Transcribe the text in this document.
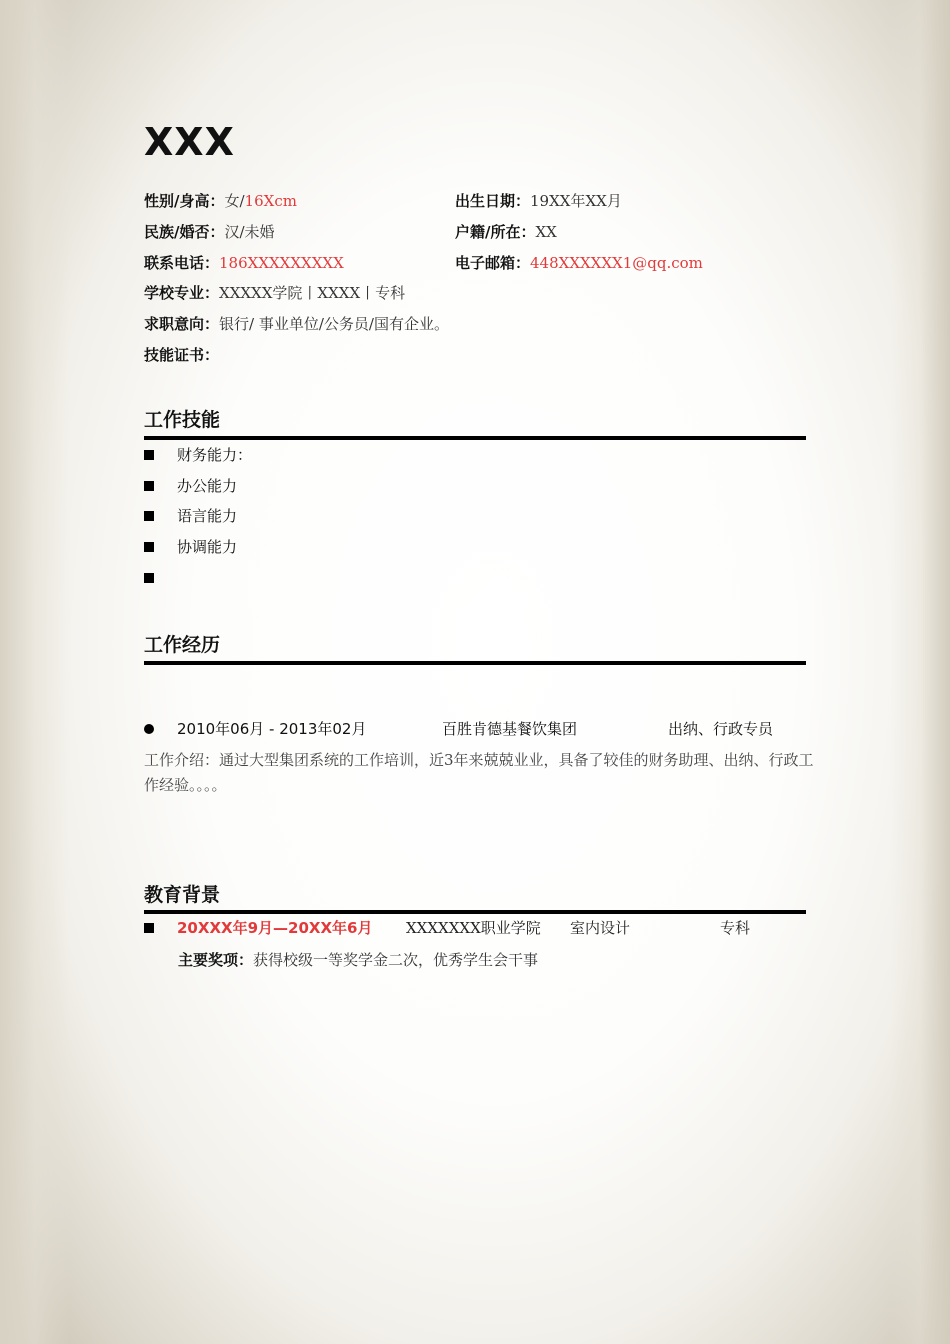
XXX
性别/身高：女/16Xcm	出生日期：19XX年XX月
民族/婚否：汉/未婚	户籍/所在：XX
联系电话：186XXXXXXXXX	电子邮箱：448XXXXXX1@qq.com
学校专业：XXXXX学院丨XXXX丨专科
求职意向：银行/ 事业单位/公务员/国有企业。
技能证书：
工作技能
财务能力：
办公能力
语言能力
协调能力
工作经历
2010年06月 - 2013年02月	百胜肯德基餐饮集团	出纳、行政专员
工作介绍：通过大型集团系统的工作培训，近3年来兢兢业业，具备了较佳的财务助理、出纳、行政工作经验。。。。
教育背景
20XXX年9月—20XX年6月 XXXXXXX职业学院 室内设计	专科
主要奖项：获得校级一等奖学金二次，优秀学生会干事
